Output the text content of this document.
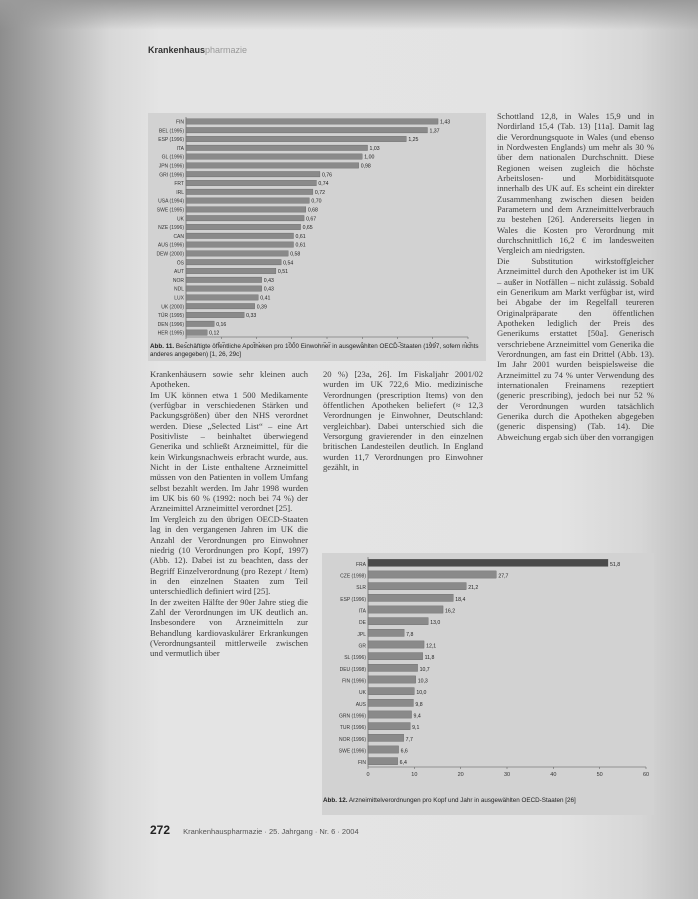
Krankenhauspharmazie
FIN	1,43
BEL (1995)	1,37
ESP (1996)	1,25
ITA	1,03
GL (1996)	1,00
JPN (1996)	0,98
GRI (1996)	0,76
FRT	0,74
IRL	0,72
USA (1994)	0,70
SWE (1995)	0,68
UK	0,67
NZE (1996)	0,65
CAN	0,61
AUS (1996)	0,61
DEW (2000)	0,58
ÖS	0,54
AUT	0,51
NOR	0,43
NDL	0,43
LUX	0,41
UK (2000)	0,39
TÜR (1995)	0,33
DEN (1996)	0,16
HER (1995)	0,12
Abb. 11. Beschäftigte öffentliche Apotheken pro 1000 Einwohner in ausgewählten OECD-Staaten (1997, sofern nichts anderes angegeben) [1, 26, 29c]

Krankenhäusern sowie sehr kleinen auch Apotheken.

Im UK können etwa 1 500 Medikamente (verfügbar in verschiedenen Stärken und Packungsgrößen) über den NHS verordnet werden. Diese „Selected List“ – eine Art Positivliste – beinhaltet überwiegend Generika und schließt Arzneimittel, für die kein Wirkungsnachweis erbracht wurde, aus. Nicht in der Liste enthaltene Arzneimittel müssen von den Patienten in vollem Umfang selbst bezahlt werden. Im Jahr 1998 wurden im UK bis 60 % (1992: noch bei 74 %) der Arzneimittel Arzneimittel verordnet [25].

Im Vergleich zu den übrigen OECD-Staaten lag in den vergangenen Jahren im UK die Anzahl der Verordnungen pro Einwohner niedrig (10 Verordnungen pro Kopf, 1997) (Abb. 12). Dabei ist zu beachten, dass der Begriff Einzelverordnung (pro Rezept / Item) in den einzelnen Staaten zum Teil unterschiedlich definiert wird [25].

In der zweiten Hälfte der 90er Jahre stieg die Zahl der Verordnungen im UK deutlich an. Insbesondere von Arzneimitteln zur Behandlung kardiovaskulärer Erkrankungen (Verordnungsanteil mittlerweile zwischen und vermutlich über

20 %) [23a, 26]. Im Fiskaljahr 2001/02 wurden im UK 722,6 Mio. medizinische Verordnungen (prescription Items) von den öffentlichen Apotheken beliefert (≈ 12,3 Verordnungen je Einwohner, Deutschland: vergleichbar). Dabei unterschied sich die Versorgung gravierender in den einzelnen britischen Landesteilen deutlich. In England wurden 11,7 Verordnungen pro Einwohner gezählt, in

Schottland 12,8, in Wales 15,9 und in Nordirland 15,4 (Tab. 13) [11a]. Damit lag die Verordnungsquote in Wales (und ebenso in Nordwesten Englands) um mehr als 30 % über dem nationalen Durchschnitt. Diese Regionen weisen zugleich die höchste Arbeitslosen- und Morbiditätsquote innerhalb des UK auf. Es scheint ein direkter Zusammenhang zwischen diesen beiden Parametern und dem Arzneimittelverbrauch zu bestehen [26]. Andererseits liegen in Wales die Kosten pro Verordnung mit durchschnittlich 16,2 € im landesweiten Vergleich am niedrigsten.

Die Substitution wirkstoffgleicher Arzneimittel durch den Apotheker ist im UK – außer in Notfällen – nicht zulässig. Sobald ein Generikum am Markt verfügbar ist, wird bei Abgabe der im Regelfall teureren Originalpräparate den öffentlichen Apotheken lediglich der Preis des Generikums erstattet [50a]. Generisch verschriebene Arzneimittel vom Generika die Verordnungen, am fast ein Drittel (Abb. 13). Im Jahr 2001 wurden beispielsweise die Arzneimittel zu 74 % unter Verwendung des internationalen Freinamens rezeptiert (generic prescribing), jedoch bei nur 52 % der Verordnungen wurden tatsächlich Generika durch die Apotheken abgegeben (generic dispensing) (Tab. 14). Die Abweichung ergab sich über den vorrangigen

0	10	20	30	40	50	60
FRA	51,8
CZE (1998)	27,7
SLR	21,2
ESP (1996)	18,4
ITA	16,2
DE	13,0
JPL	7,8
GR	12,1
SL (1996)	11,8
DEU (1998)	10,7
FIN (1996)	10,3
UK	10,0
AUS	9,8
GRN (1996)	9,4
TUR (1996)	9,1
NOR (1996)	7,7
SWE (1996)	6,6
FIN	6,4
Abb. 12. Arzneimittelverordnungen pro Kopf und Jahr in ausgewählten OECD-Staaten [26]
272 Krankenhauspharmazie · 25. Jahrgang · Nr. 6 · 2004
